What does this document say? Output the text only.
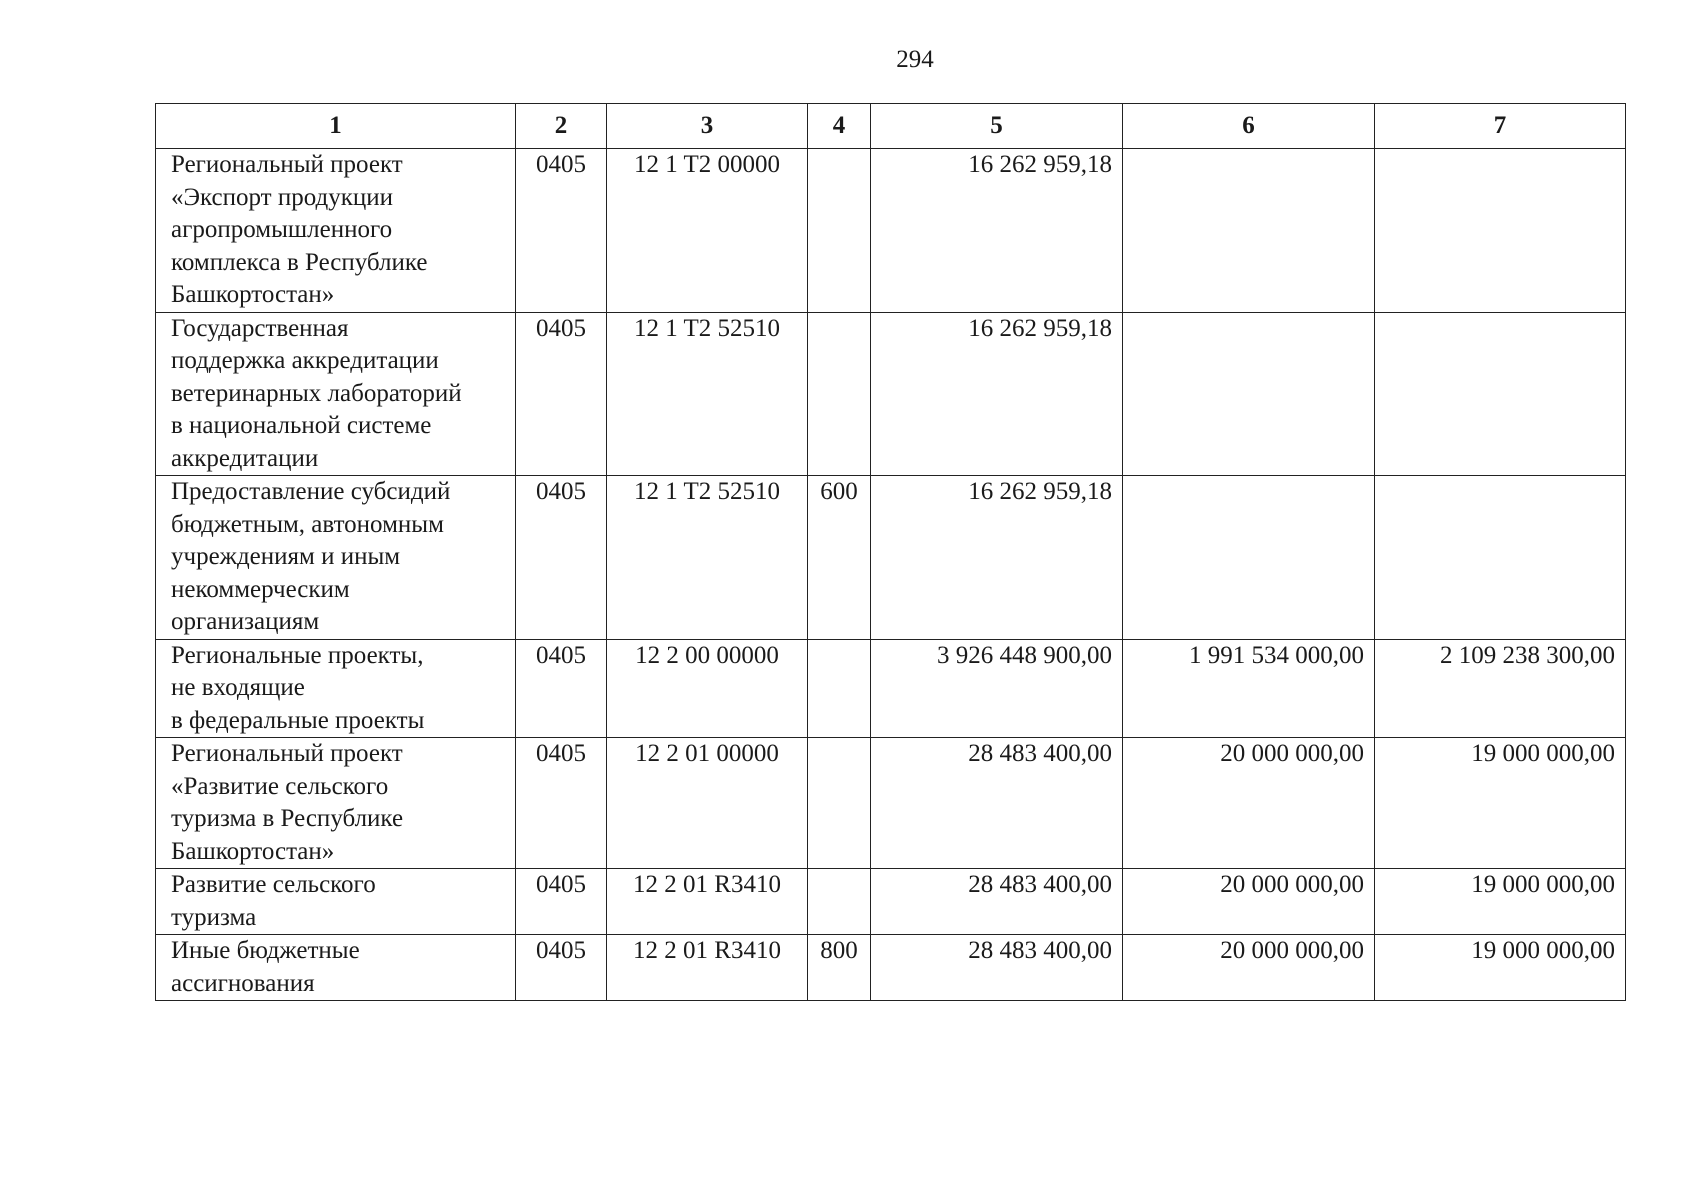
294
1	2	3	4	5	6	7

Региональный проект
«Экспорт продукции
агропромышленного
комплекса в Республике
Башкортостан»	0405	12 1 T2 00000		16 262 959,18		

Государственная
поддержка аккредитации
ветеринарных лабораторий
в национальной системе
аккредитации	0405	12 1 T2 52510		16 262 959,18		

Предоставление субсидий
бюджетным, автономным
учреждениям и иным
некоммерческим
организациям	0405	12 1 T2 52510	600	16 262 959,18		

Региональные проекты,
не входящие
в федеральные проекты	0405	12 2 00 00000		3 926 448 900,00	1 991 534 000,00	2 109 238 300,00

Региональный проект
«Развитие сельского
туризма в Республике
Башкортостан»	0405	12 2 01 00000		28 483 400,00	20 000 000,00	19 000 000,00

Развитие сельского
туризма	0405	12 2 01 R3410		28 483 400,00	20 000 000,00	19 000 000,00

Иные бюджетные
ассигнования	0405	12 2 01 R3410	800	28 483 400,00	20 000 000,00	19 000 000,00
